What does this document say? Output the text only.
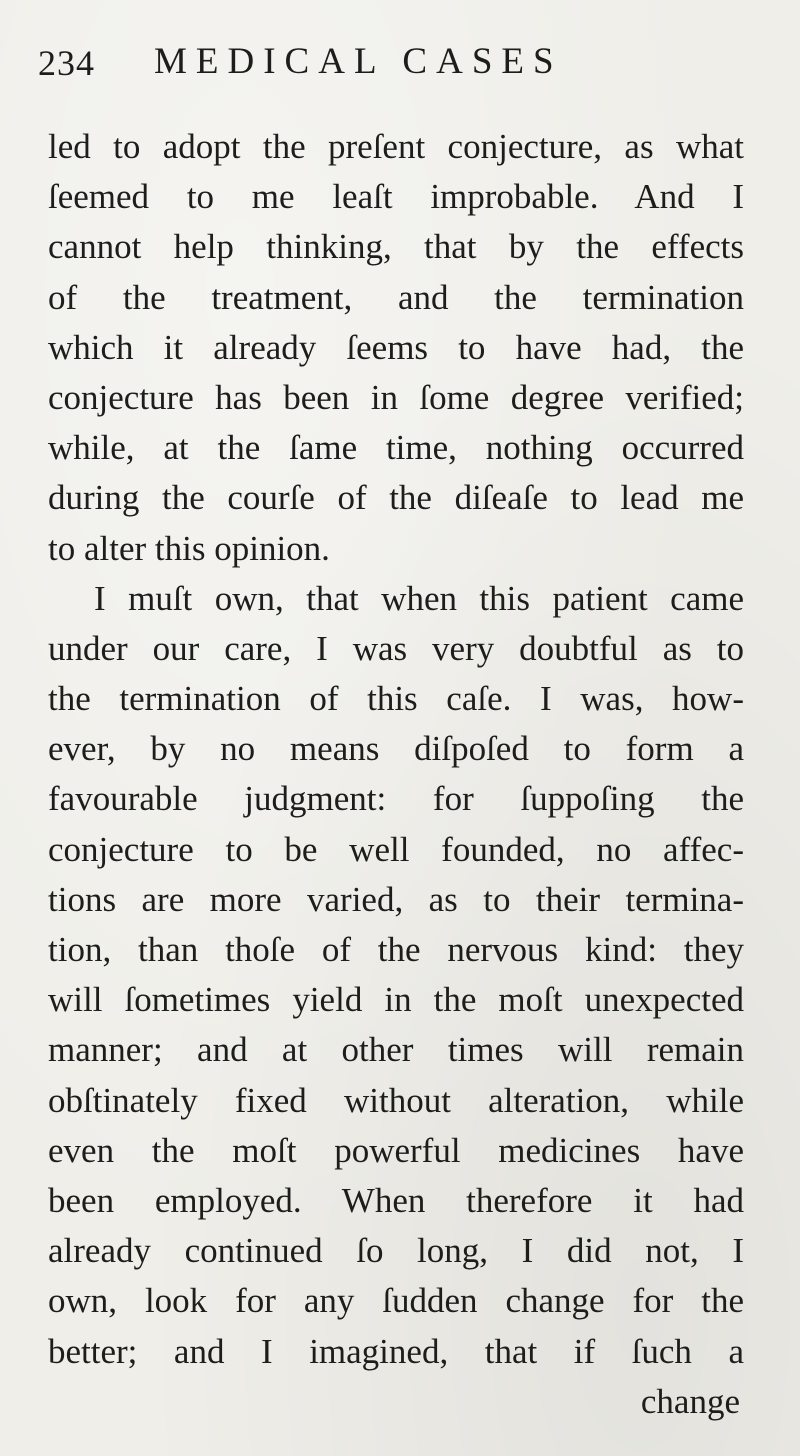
234 MEDICAL CASES
led to adopt the preſent conjecture, as what
ſeemed to me leaſt improbable. And I
cannot help thinking, that by the effects
of the treatment, and the termination
which it already ſeems to have had, the
conjecture has been in ſome degree verified;
while, at the ſame time, nothing occurred
during the courſe of the diſeaſe to lead me
to alter this opinion.
I muſt own, that when this patient came
under our care, I was very doubtful as to
the termination of this caſe. I was, how-
ever, by no means diſpoſed to form a
favourable judgment: for ſuppoſing the
conjecture to be well founded, no affec-
tions are more varied, as to their termina-
tion, than thoſe of the nervous kind: they
will ſometimes yield in the moſt unexpected
manner; and at other times will remain
obſtinately fixed without alteration, while
even the moſt powerful medicines have
been employed. When therefore it had
already continued ſo long, I did not, I
own, look for any ſudden change for the
better; and I imagined, that if ſuch a
change
